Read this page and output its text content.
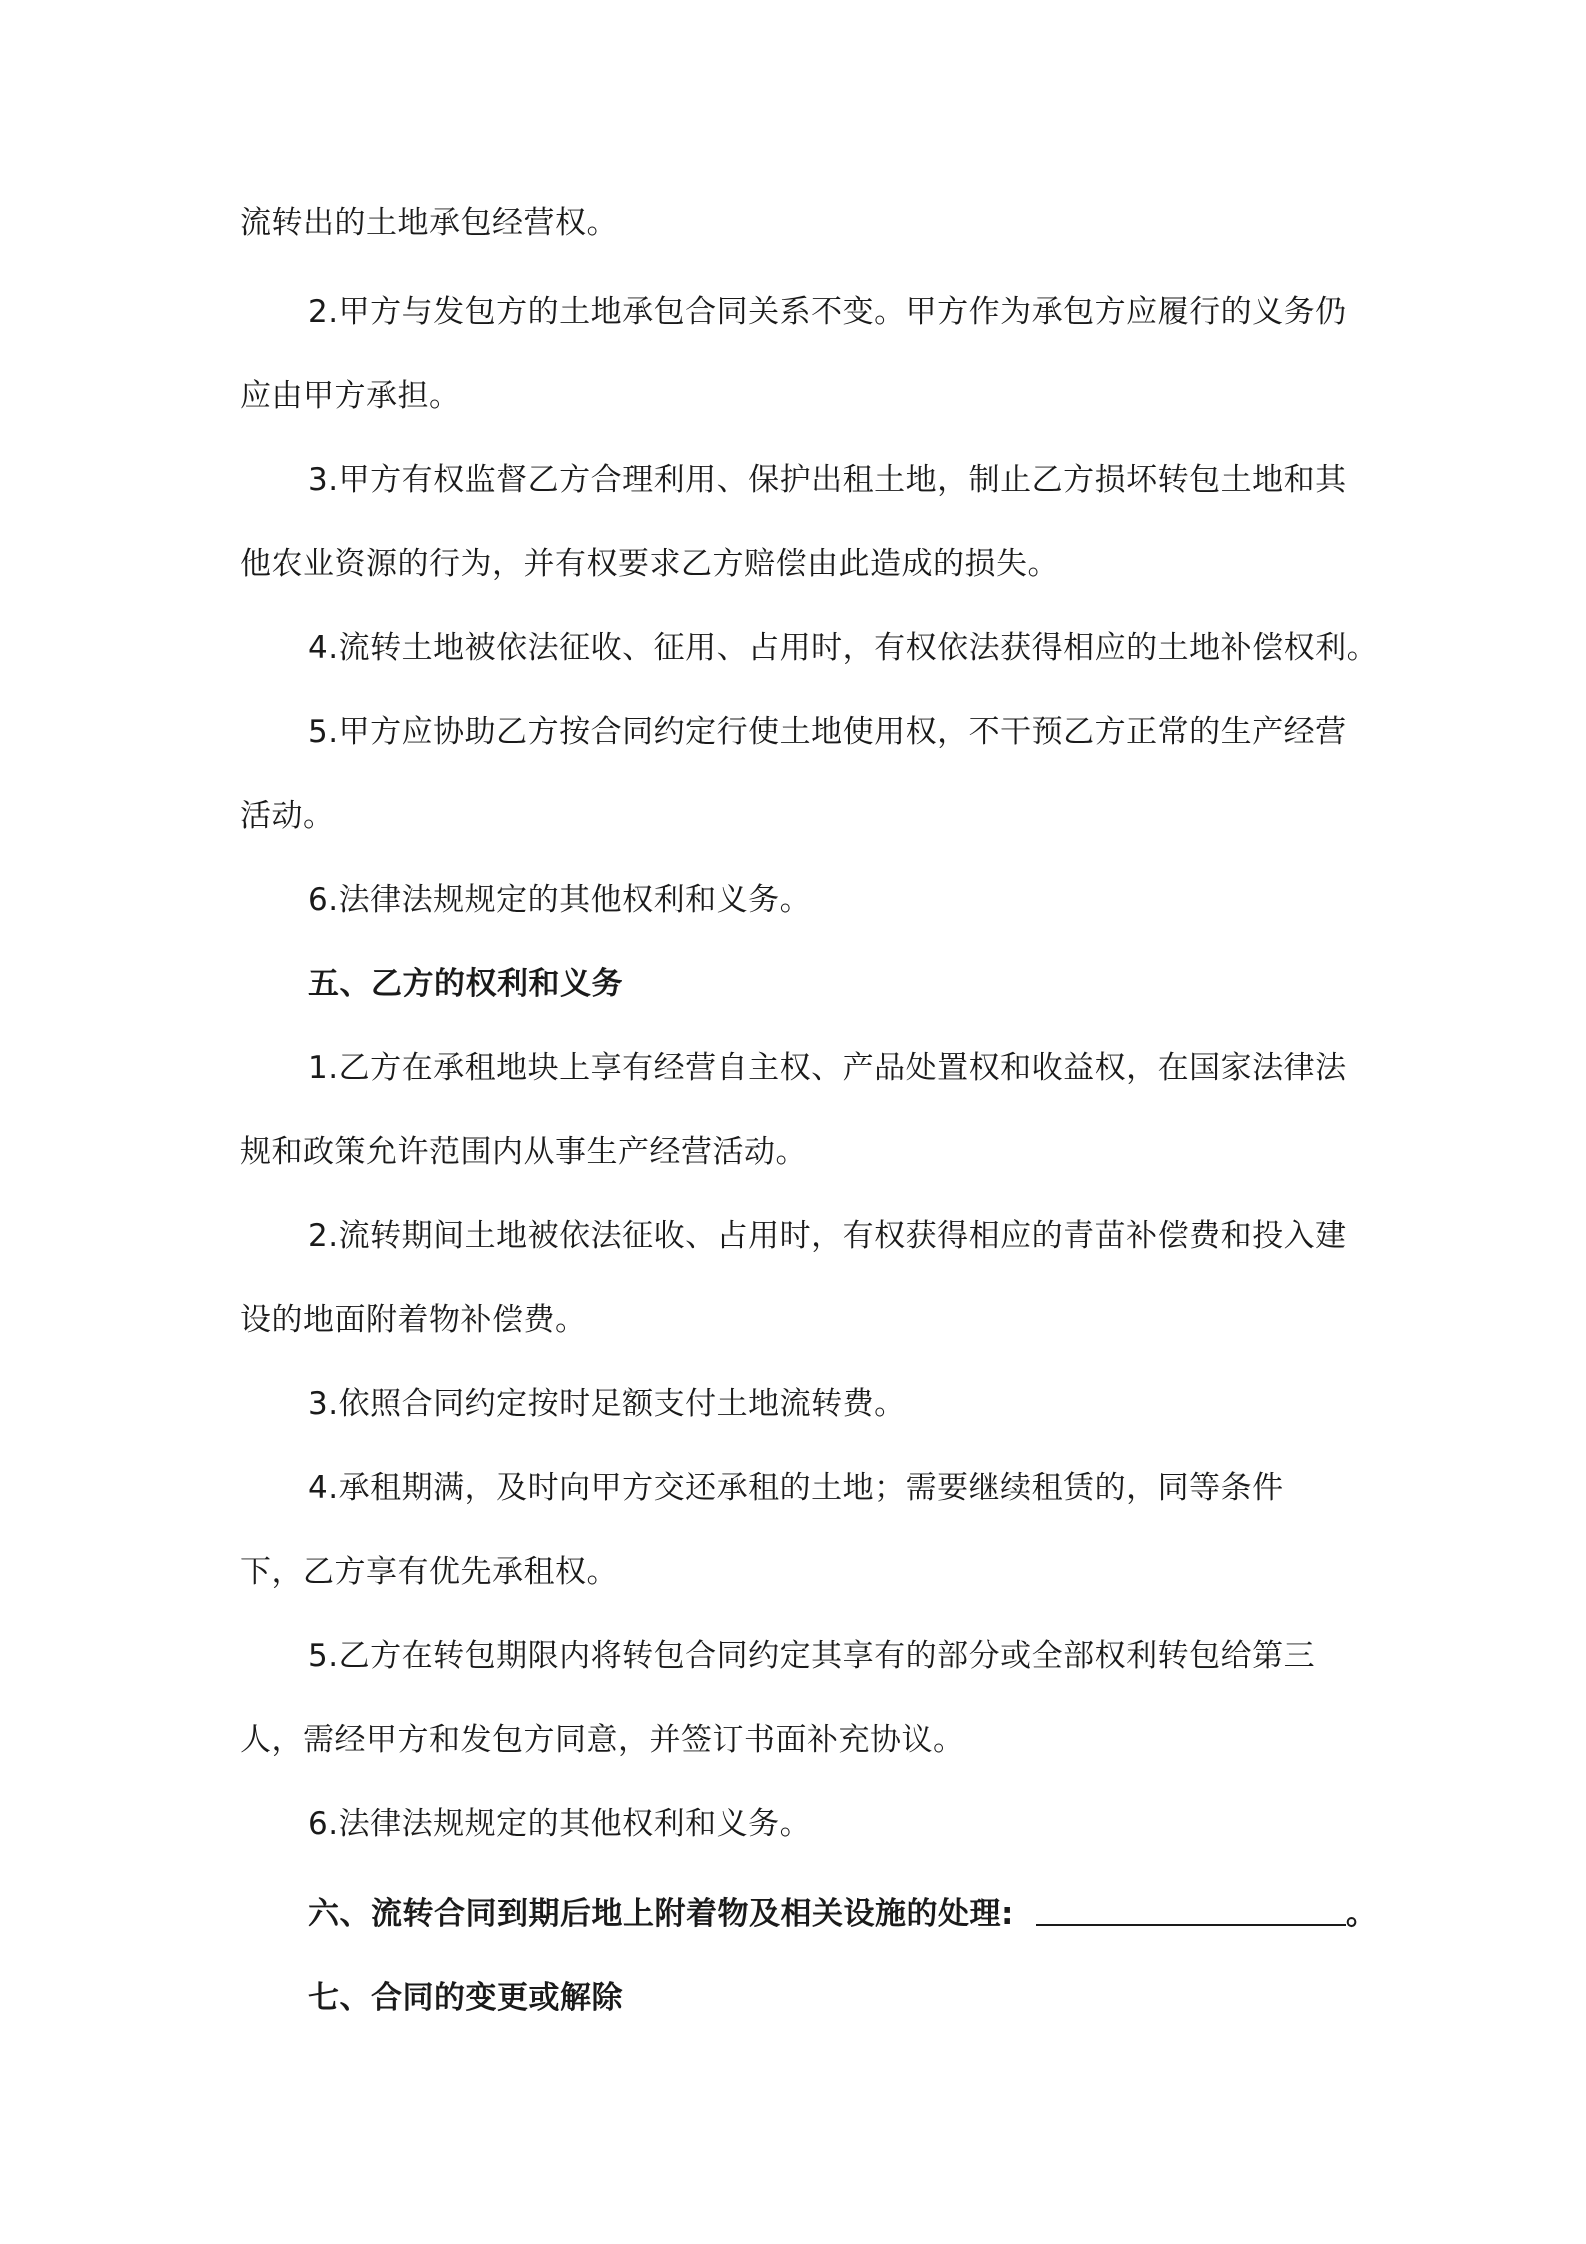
流转出的土地承包经营权。
2.甲方与发包方的土地承包合同关系不变。甲方作为承包方应履行的义务仍
应由甲方承担。
3.甲方有权监督乙方合理利用、保护出租土地，制止乙方损坏转包土地和其
他农业资源的行为，并有权要求乙方赔偿由此造成的损失。
4.流转土地被依法征收、征用、占用时，有权依法获得相应的土地补偿权利。
5.甲方应协助乙方按合同约定行使土地使用权，不干预乙方正常的生产经营
活动。
6.法律法规规定的其他权利和义务。
五、乙方的权利和义务
1.乙方在承租地块上享有经营自主权、产品处置权和收益权，在国家法律法
规和政策允许范围内从事生产经营活动。
2.流转期间土地被依法征收、占用时，有权获得相应的青苗补偿费和投入建
设的地面附着物补偿费。
3.依照合同约定按时足额支付土地流转费。
4.承租期满，及时向甲方交还承租的土地；需要继续租赁的，同等条件
下，乙方享有优先承租权。
5.乙方在转包期限内将转包合同约定其享有的部分或全部权利转包给第三
人，需经甲方和发包方同意，并签订书面补充协议。
6.法律法规规定的其他权利和义务。
六、流转合同到期后地上附着物及相关设施的处理:	。
七、合同的变更或解除
